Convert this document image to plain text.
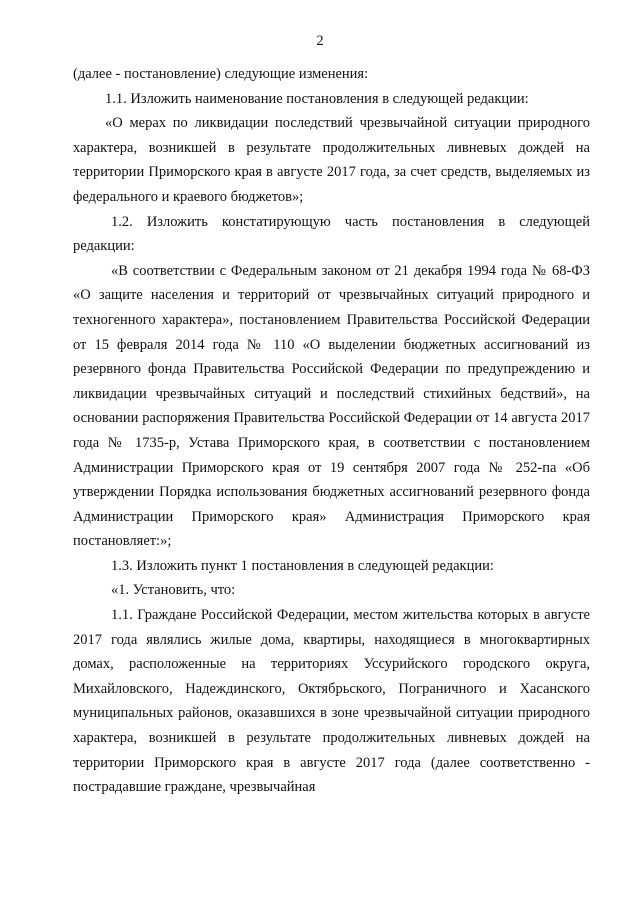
2

(далее - постановление) следующие изменения:

1.1. Изложить наименование постановления в следующей редакции:

«О мерах по ликвидации последствий чрезвычайной ситуации природного характера, возникшей в результате продолжительных ливневых дождей на территории Приморского края в августе 2017 года, за счет средств, выделяемых из федерального и краевого бюджетов»;

1.2. Изложить констатирующую часть постановления в следующей редакции:

«В соответствии с Федеральным законом от 21 декабря 1994 года № 68-ФЗ «О защите населения и территорий от чрезвычайных ситуаций природного и техногенного характера», постановлением Правительства Российской Федерации от 15 февраля 2014 года № 110 «О выделении бюджетных ассигнований из резервного фонда Правительства Российской Федерации по предупреждению и ликвидации чрезвычайных ситуаций и последствий стихийных бедствий», на основании распоряжения Правительства Российской Федерации от 14 августа 2017 года № 1735-р, Устава Приморского края, в соответствии с постановлением Администрации Приморского края от 19 сентября 2007 года № 252-па «Об утверждении Порядка использования бюджетных ассигнований резервного фонда Администрации Приморского края» Администрация Приморского края постановляет:»;

1.3. Изложить пункт 1 постановления в следующей редакции:

«1. Установить, что:

1.1. Граждане Российской Федерации, местом жительства которых в августе 2017 года являлись жилые дома, квартиры, находящиеся в многоквартирных домах, расположенные на территориях Уссурийского городского округа, Михайловского, Надеждинского, Октябрьского, Пограничного и Хасанского муниципальных районов, оказавшихся в зоне чрезвычайной ситуации природного характера, возникшей в результате продолжительных ливневых дождей на территории Приморского края в августе 2017 года (далее соответственно - пострадавшие граждане, чрезвычайная
